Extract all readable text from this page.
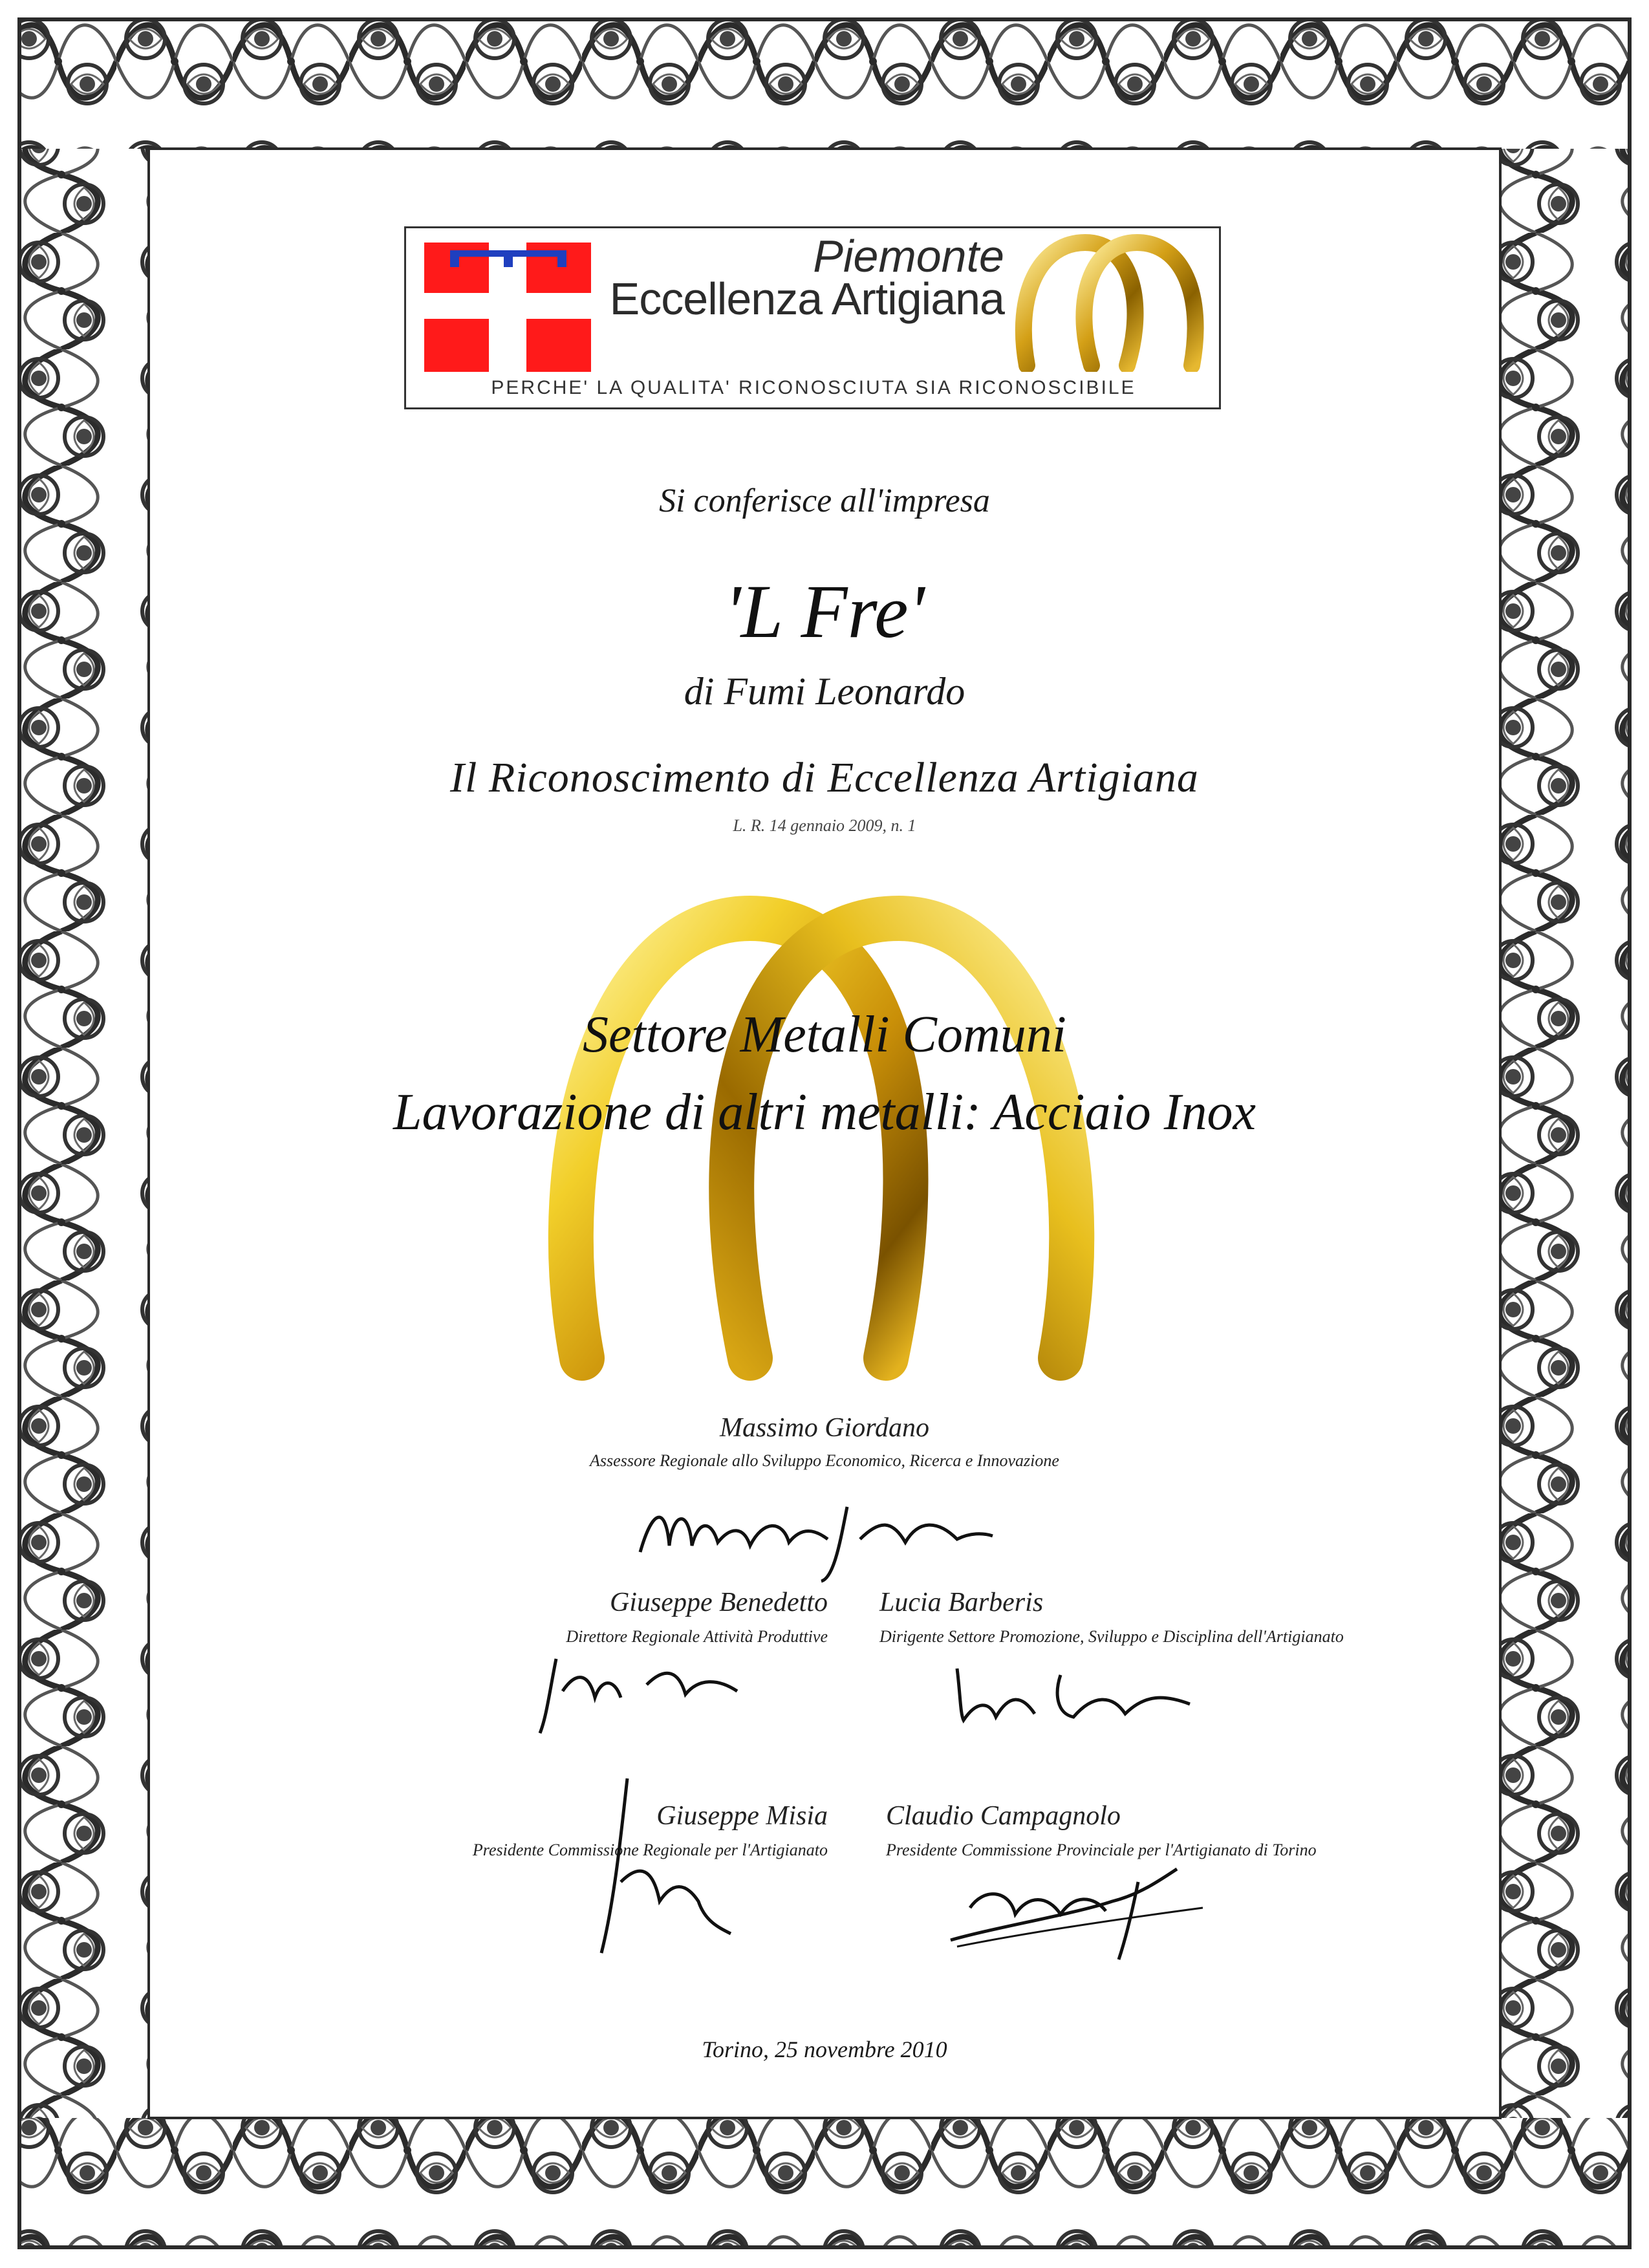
Piemonte
Eccellenza Artigiana
PERCHE' LA QUALITA' RICONOSCIUTA SIA RICONOSCIBILE
Si conferisce all'impresa
'L Fre'
di Fumi Leonardo
Il Riconoscimento di Eccellenza Artigiana
L. R. 14 gennaio 2009, n. 1
Settore Metalli Comuni
Lavorazione di altri metalli: Acciaio Inox
Massimo Giordano
Assessore Regionale allo Sviluppo Economico, Ricerca e Innovazione
Giuseppe Benedetto
Direttore Regionale Attività Produttive
Lucia Barberis
Dirigente Settore Promozione, Sviluppo e Disciplina dell'Artigianato
Giuseppe Misia
Presidente Commissione Regionale per l'Artigianato
Claudio Campagnolo
Presidente Commissione Provinciale per l'Artigianato di Torino
Torino, 25 novembre 2010
